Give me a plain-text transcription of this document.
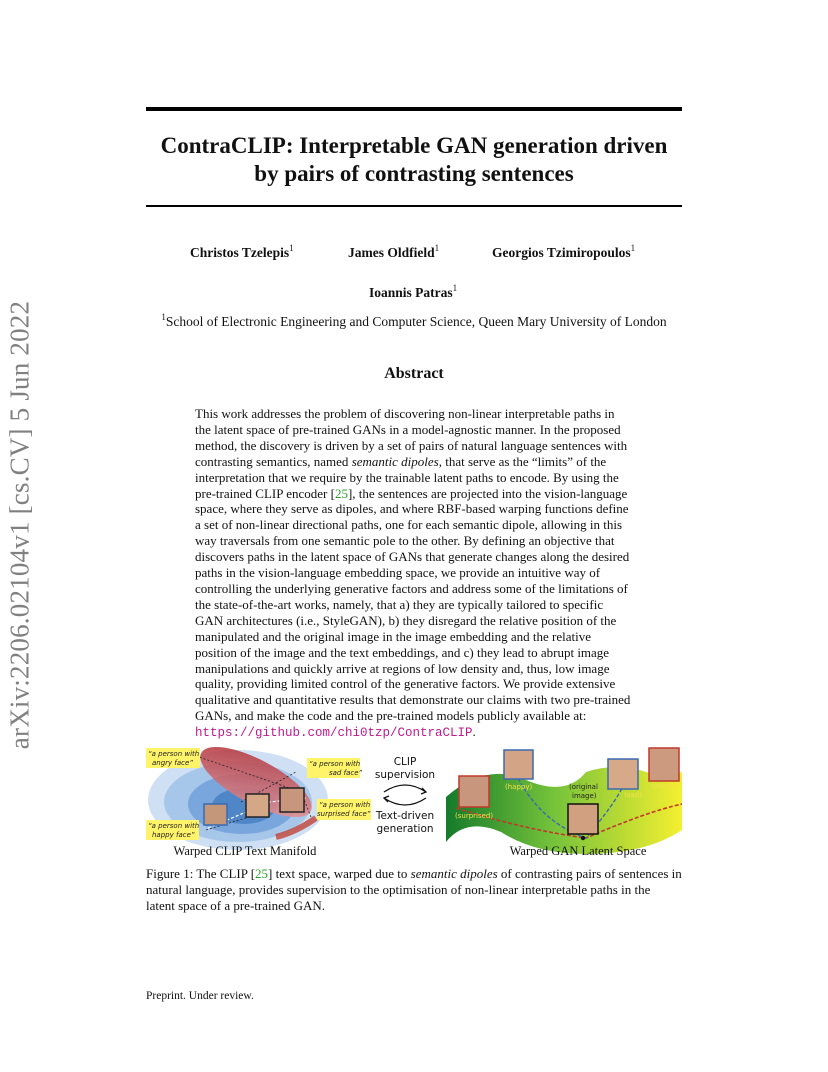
arXiv:2206.02104v1 [cs.CV] 5 Jun 2022
ContraCLIP: Interpretable GAN generation driven by pairs of contrasting sentences
Christos Tzelepis$^1$	James Oldfield$^1$	Georgios Tzimiropoulos$^1$
Ioannis Patras$^1$
$^1$School of Electronic Engineering and Computer Science, Queen Mary University of London
Abstract

This work addresses the problem of discovering non-linear interpretable paths in the latent space of pre-trained GANs in a model-agnostic manner. In the proposed method, the discovery is driven by a set of pairs of natural language sentences with contrasting semantics, named semantic dipoles, that serve as the “limits” of the interpretation that we require by the trainable latent paths to encode. By using the pre-trained CLIP encoder [25], the sentences are projected into the vision-language space, where they serve as dipoles, and where RBF-based warping functions define a set of non-linear directional paths, one for each semantic dipole, allowing in this way traversals from one semantic pole to the other. By defining an objective that discovers paths in the latent space of GANs that generate changes along the desired paths in the vision-language embedding space, we provide an intuitive way of controlling the underlying generative factors and address some of the limitations of the state-of-the-art works, namely, that a) they are typically tailored to specific GAN architectures (i.e., StyleGAN), b) they disregard the relative position of the manipulated and the original image in the image embedding and the relative position of the image and the text embeddings, and c) they lead to abrupt image manipulations and quickly arrive at regions of low density and, thus, low image quality, providing limited control of the generative factors. We provide extensive qualitative and quantitative results that demonstrate our claims with two pre-trained GANs, and make the code and the pre-trained models publicly available at: https://github.com/chi0tzp/ContraCLIP.

“a person with
angry face”	“a person with
sad face”
“a person with
surprised face”
“a person with
happy face”
CLIP
supervision
Text-driven
generation
(happy)	(original
image)	(sad)
(angry)
(surprised)
Warped CLIP Text Manifold	Warped GAN Latent Space

Figure 1: The CLIP [25] text space, warped due to semantic dipoles of contrasting pairs of sentences in natural language, provides supervision to the optimisation of non-linear interpretable paths in the latent space of a pre-trained GAN.

Preprint. Under review.
